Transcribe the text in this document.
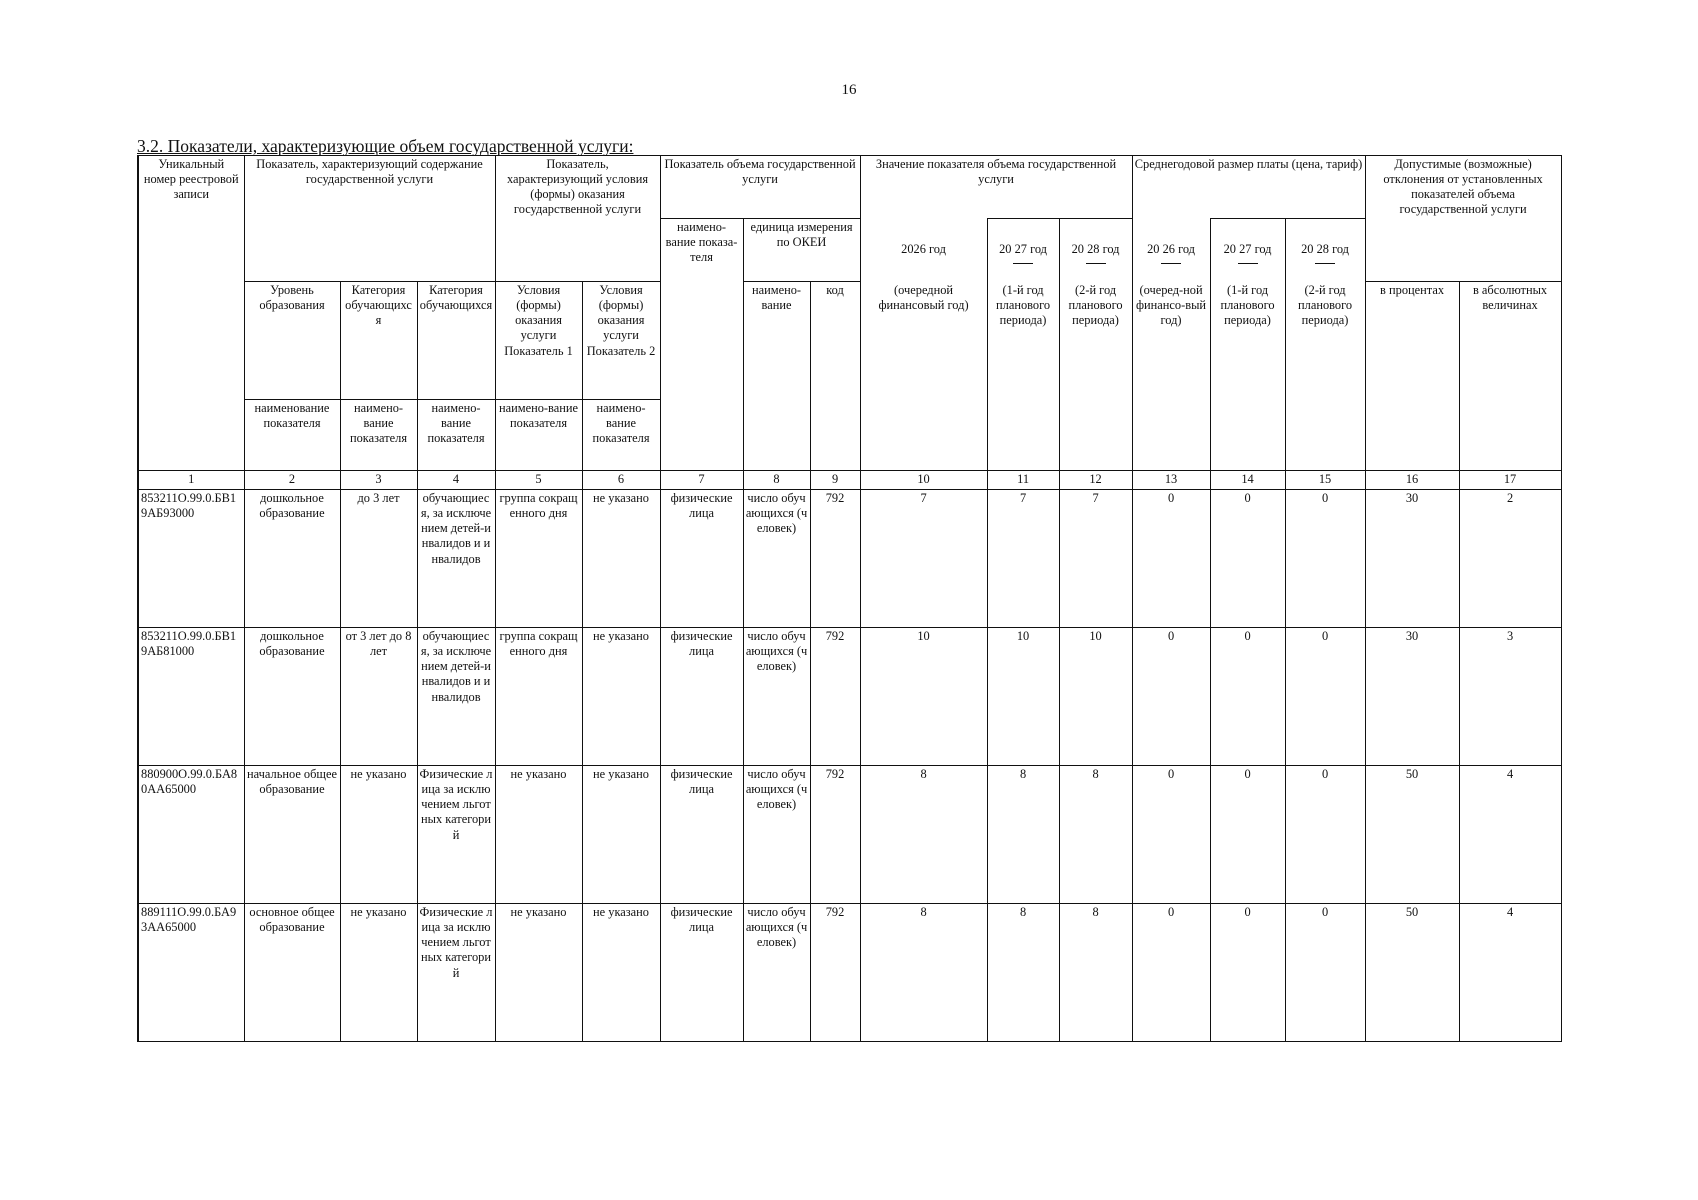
16
3.2. Показатели, характеризующие объем государственной услуги:
Уникальный номер реестровой записи	Показатель, характеризующий содержание государственной услуги			Показатель, характеризующий условия (формы) оказания государственной услуги		Показатель объема государственной услуги			Значение показателя объема государственной услуги			Среднегодовой размер платы (цена, тариф)			Допустимые (возможные) отклонения от установленных показателей объема государственной услуги	
						наимено-вание показа-теля	единица измерения по ОКЕИ		2026 год	20 27 год	20 28 год	20 26 год	20 27 год	20 28 год	

	Уровень образования	Категория обучающихся	Категория обучающихся	Условия (формы) оказания услуги Показатель 1	Условия (формы) оказания услуги Показатель 2		наимено-вание	код	(очередной финансовый год)	(1-й год планового периода)	(2-й год планового периода)	(очеред-ной финансо-вый год)	(1-й год планового периода)	(2-й год планового периода)	в процентах	в абсолютных величинах
	наименование показателя	наимено-вание показателя	наимено-вание показателя	наимено-вание показателя	наимено-вание показателя											
1	2	3	4	5	6	7	8	9	10	11	12	13	14	15	16	17
853211О.99.0.БВ19АБ93000	дошкольное образование	до 3 лет	обучающиеся, за исключением детей-инвалидов и инвалидов	группа сокращенного дня	не указано	физические лица	число обучающихся (человек)	792	7	7	7	0	0	0	30	2
853211О.99.0.БВ19АБ81000	дошкольное образование	от 3 лет до 8 лет	обучающиеся, за исключением детей-инвалидов и инвалидов	группа сокращенного дня	не указано	физические лица	число обучающихся (человек)	792	10	10	10	0	0	0	30	3
880900О.99.0.БА80АА65000	начальное общее образование	не указано	Физические лица за исключением льготных категорий	не указано	не указано	физические лица	число обучающихся (человек)	792	8	8	8	0	0	0	50	4
889111О.99.0.БА93АА65000	основное общее образование	не указано	Физические лица за исключением льготных категорий	не указано	не указано	физические лица	число обучающихся (человек)	792	8	8	8	0	0	0	50	4
